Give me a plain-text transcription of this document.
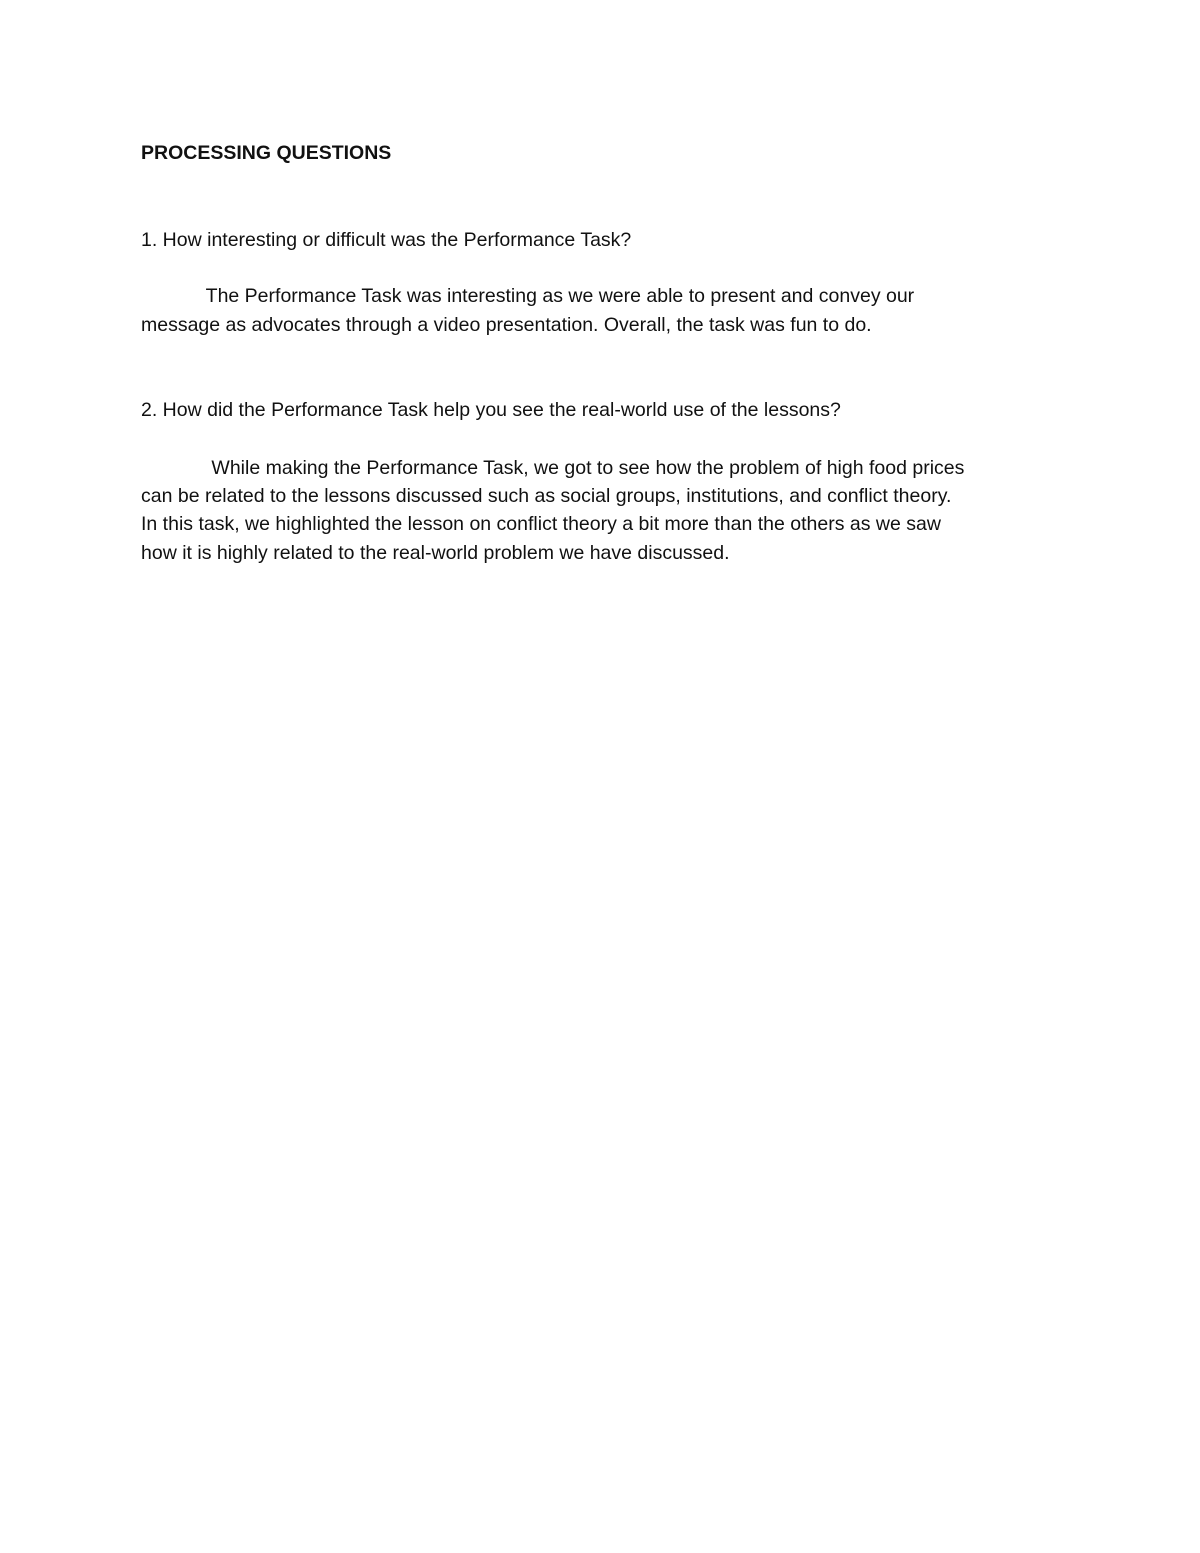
PROCESSING QUESTIONS

1. How interesting or difficult was the Performance Task?

The Performance Task was interesting as we were able to present and convey our

message as advocates through a video presentation. Overall, the task was fun to do.

2. How did the Performance Task help you see the real-world use of the lessons?

While making the Performance Task, we got to see how the problem of high food prices

can be related to the lessons discussed such as social groups, institutions, and conflict theory.

In this task, we highlighted the lesson on conflict theory a bit more than the others as we saw

how it is highly related to the real-world problem we have discussed.
